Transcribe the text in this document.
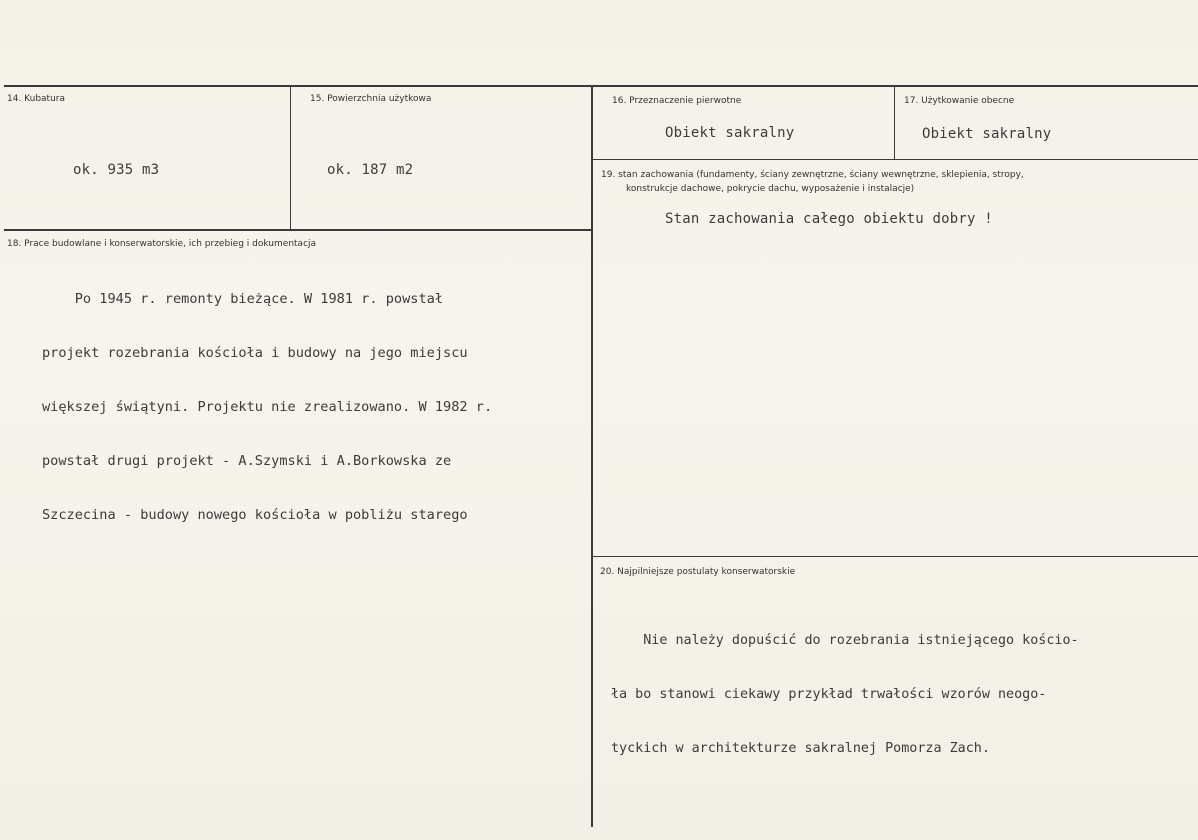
14. Kubatura
ok. 935 m3
15. Powierzchnia użytkowa
ok. 187 m2
16. Przeznaczenie pierwotne
Obiekt sakralny
17. Użytkowanie obecne
Obiekt sakralny
19. stan zachowania (fundamenty, ściany zewnętrzne, ściany wewnętrzne, sklepienia, stropy,
konstrukcje dachowe, pokrycie dachu, wyposażenie i instalacje)
Stan zachowania całego obiektu dobry !
18. Prace budowlane i konserwatorskie, ich przebieg i dokumentacja

Po 1945 r. remonty bieżące. W 1981 r. powstał

projekt rozebrania kościoła i budowy na jego miejscu

większej świątyni. Projektu nie zrealizowano. W 1982 r.

powstał drugi projekt - A.Szymski i A.Borkowska ze

Szczecina - budowy nowego kościoła w pobliżu starego

20. Najpilniejsze postulaty konserwatorskie

Nie należy dopuścić do rozebrania istniejącego kościo-

ła bo stanowi ciekawy przykład trwałości wzorów neogo-

tyckich w architekturze sakralnej Pomorza Zach.
